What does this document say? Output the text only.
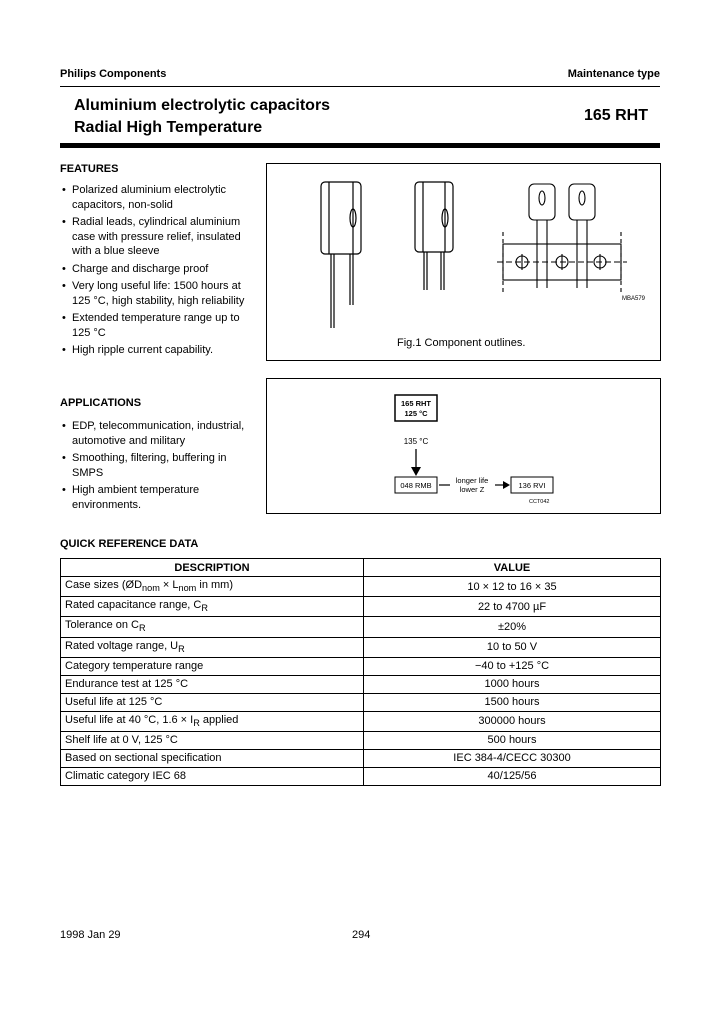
Philips Components	Maintenance type
Aluminium electrolytic capacitors
Radial High Temperature
165 RHT
FEATURES
• Polarized aluminium electrolytic capacitors, non-solid
• Radial leads, cylindrical aluminium case with pressure relief, insulated with a blue sleeve
• Charge and discharge proof
• Very long useful life: 1500 hours at 125 °C, high stability, high reliability
• Extended temperature range up to 125 °C
• High ripple current capability.
APPLICATIONS
• EDP, telecommunication, industrial, automotive and military
• Smoothing, filtering, buffering in SMPS
• High ambient temperature environments.
MBA579
Fig.1 Component outlines.
165 RHT
125 °C
135 °C
048 RMB
longer life
lower Z	136 RVI
CCT042
QUICK REFERENCE DATA
DESCRIPTION	VALUE
Case sizes ($ØD_{nom} \times L_{nom}$ in mm)	10 × 12 to 16 × 35
Rated capacitance range, $C_R$	22 to 4700 µF
Tolerance on $C_R$	±20%
Rated voltage range, $U_R$	10 to 50 V
Category temperature range	−40 to +125 °C
Endurance test at 125 °C	1000 hours
Useful life at 125 °C	1500 hours
Useful life at 40 °C, $1.6 \times I_R$ applied	300000 hours
Shelf life at 0 V, 125 °C	500 hours
Based on sectional specification	IEC 384-4/CECC 30300
Climatic category IEC 68	40/125/56
1998 Jan 29	294
